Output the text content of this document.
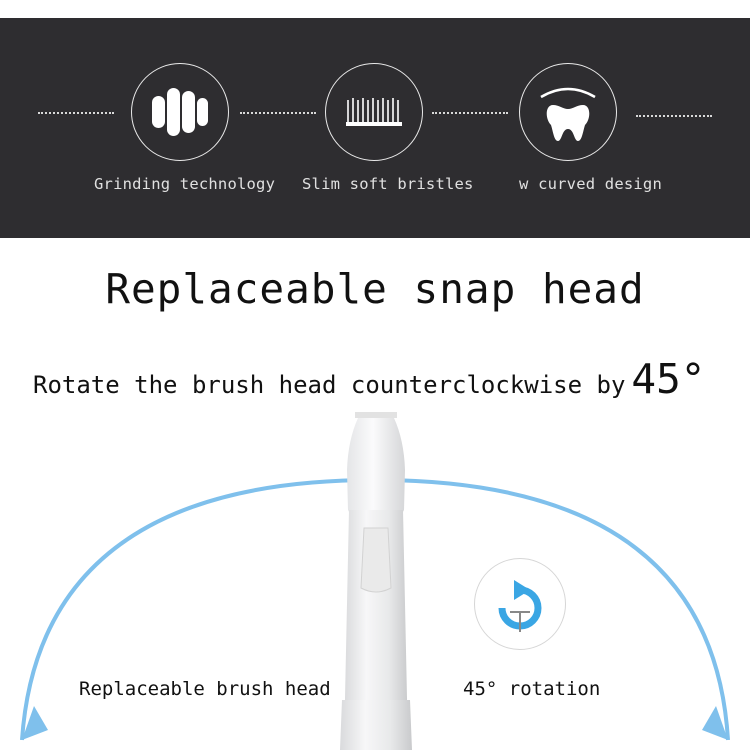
Grinding technology Slim soft bristles	w curved design
Replaceable snap head
Rotate the brush head counterclockwise by 45°
Replaceable brush head	45° rotation
